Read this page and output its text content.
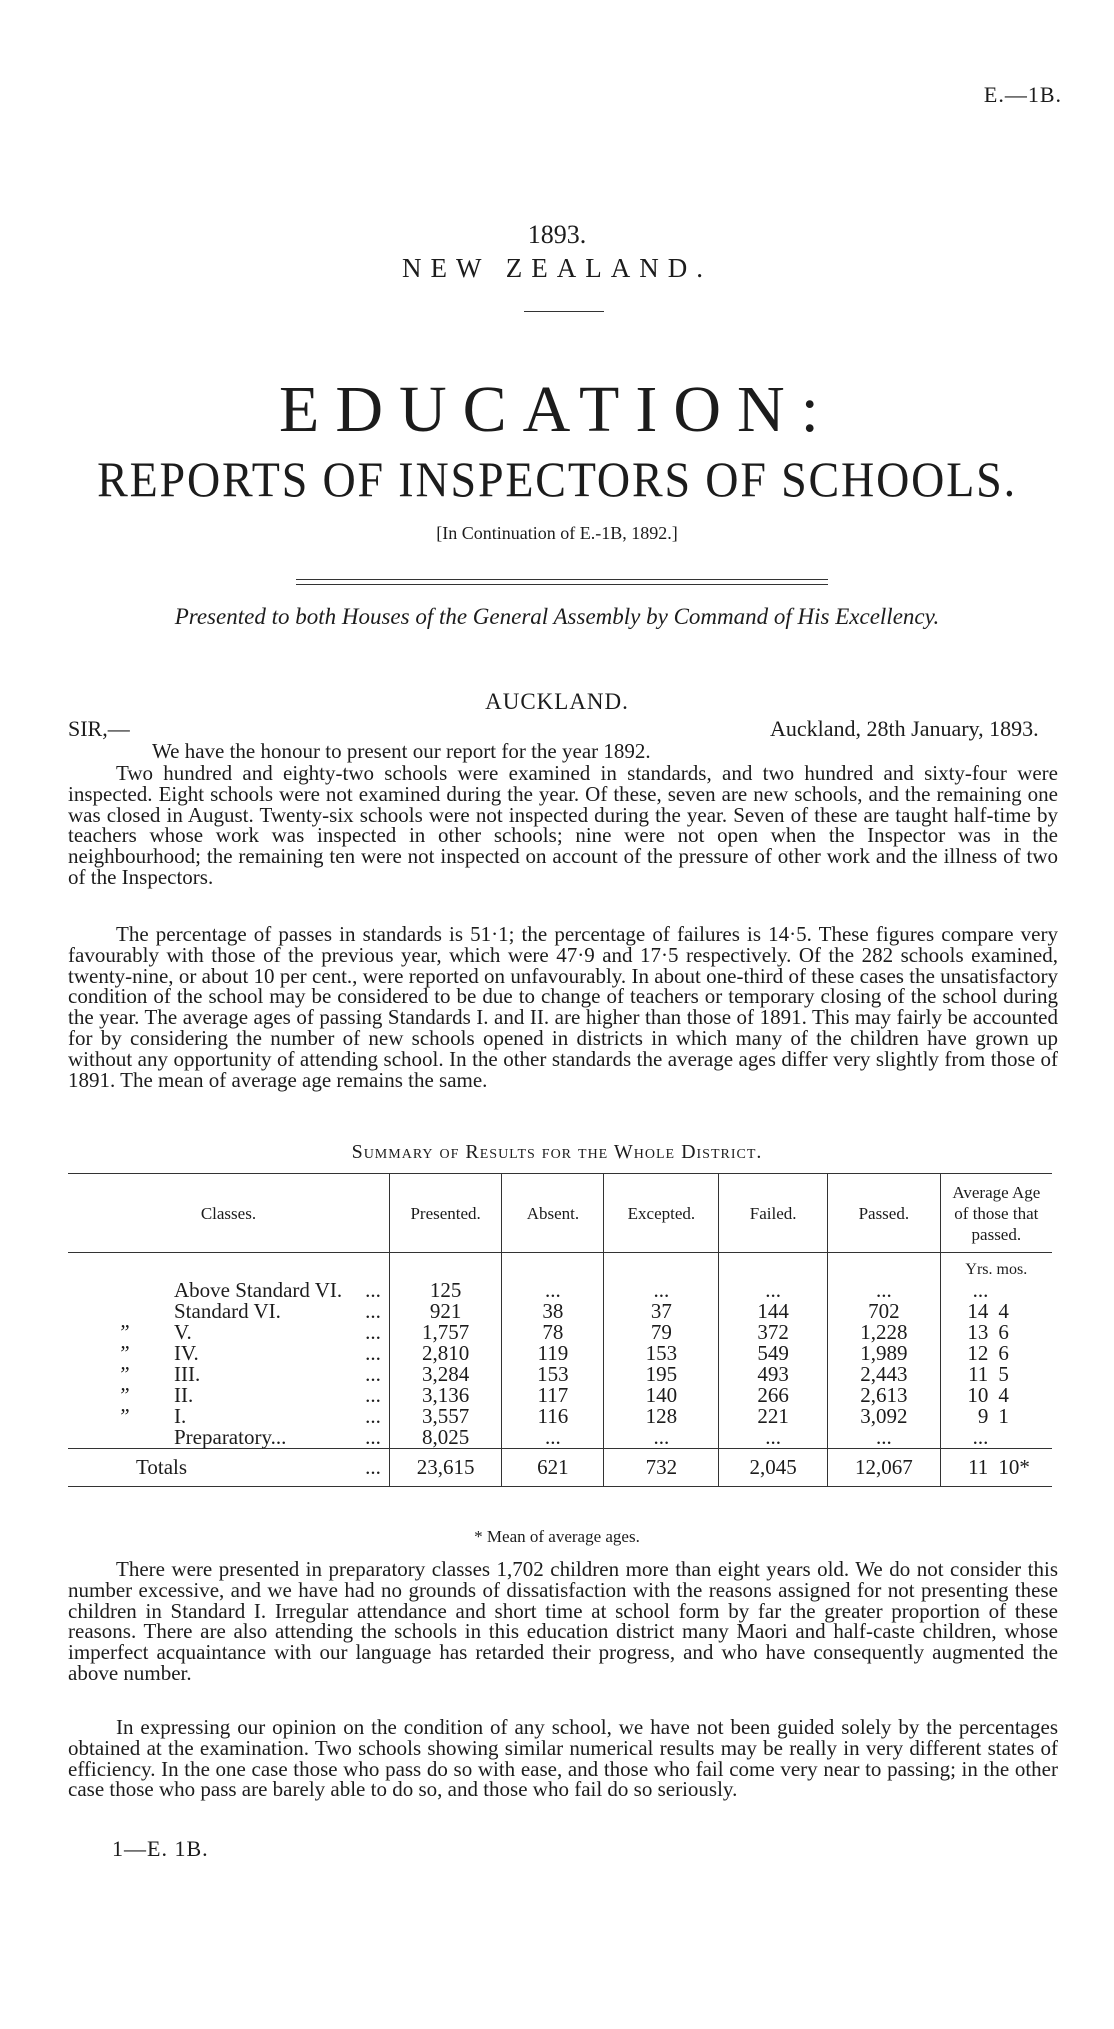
E.—1B.
1893.
NEW ZEALAND.
EDUCATION:
REPORTS OF INSPECTORS OF SCHOOLS.
[In Continuation of E.-1B, 1892.]
Presented to both Houses of the General Assembly by Command of His Excellency.
AUCKLAND.
SIR,—	Auckland, 28th January, 1893.

We have the honour to present our report for the year 1892.

Two hundred and eighty-two schools were examined in standards, and two hundred and sixty-four were inspected. Eight schools were not examined during the year. Of these, seven are new schools, and the remaining one was closed in August. Twenty-six schools were not inspected during the year. Seven of these are taught half-time by teachers whose work was inspected in other schools; nine were not open when the Inspector was in the neighbourhood; the remaining ten were not inspected on account of the pressure of other work and the illness of two of the Inspectors.

The percentage of passes in standards is 51·1; the percentage of failures is 14·5. These figures compare very favourably with those of the previous year, which were 47·9 and 17·5 respectively. Of the 282 schools examined, twenty-nine, or about 10 per cent., were reported on unfavourably. In about one-third of these cases the unsatisfactory condition of the school may be considered to be due to change of teachers or temporary closing of the school during the year. The average ages of passing Standards I. and II. are higher than those of 1891. This may fairly be accounted for by considering the number of new schools opened in districts in which many of the children have grown up without any opportunity of attending school. In the other standards the average ages differ very slightly from those of 1891. The mean of average age remains the same.

Summary of Results for the Whole District.
Classes.		Presented.	Absent.	Excepted.	Failed.	Passed.	Average Age of those that passed.
							Yrs. mos.
Above Standard VI.	...	125	...	...	...	...	...
Standard VI.	...	921	38	37	144	702	14 4
” V.	...	1,757	78	79	372	1,228	13 6
” IV.	...	2,810	119	153	549	1,989	12 6
” III.	...	3,284	153	195	493	2,443	11 5
” II.	...	3,136	117	140	266	2,613	10 4
” I.	...	3,557	116	128	221	3,092	9 1
Preparatory...	...	8,025	...	...	...	...	...
Totals	...	23,615	621	732	2,045	12,067	11 10*
* Mean of average ages.

There were presented in preparatory classes 1,702 children more than eight years old. We do not consider this number excessive, and we have had no grounds of dissatisfaction with the reasons assigned for not presenting these children in Standard I. Irregular attendance and short time at school form by far the greater proportion of these reasons. There are also attending the schools in this education district many Maori and half-caste children, whose imperfect acquaintance with our language has retarded their progress, and who have consequently augmented the above number.

In expressing our opinion on the condition of any school, we have not been guided solely by the percentages obtained at the examination. Two schools showing similar numerical results may be really in very different states of efficiency. In the one case those who pass do so with ease, and those who fail come very near to passing; in the other case those who pass are barely able to do so, and those who fail do so seriously.

1—E. 1B.
